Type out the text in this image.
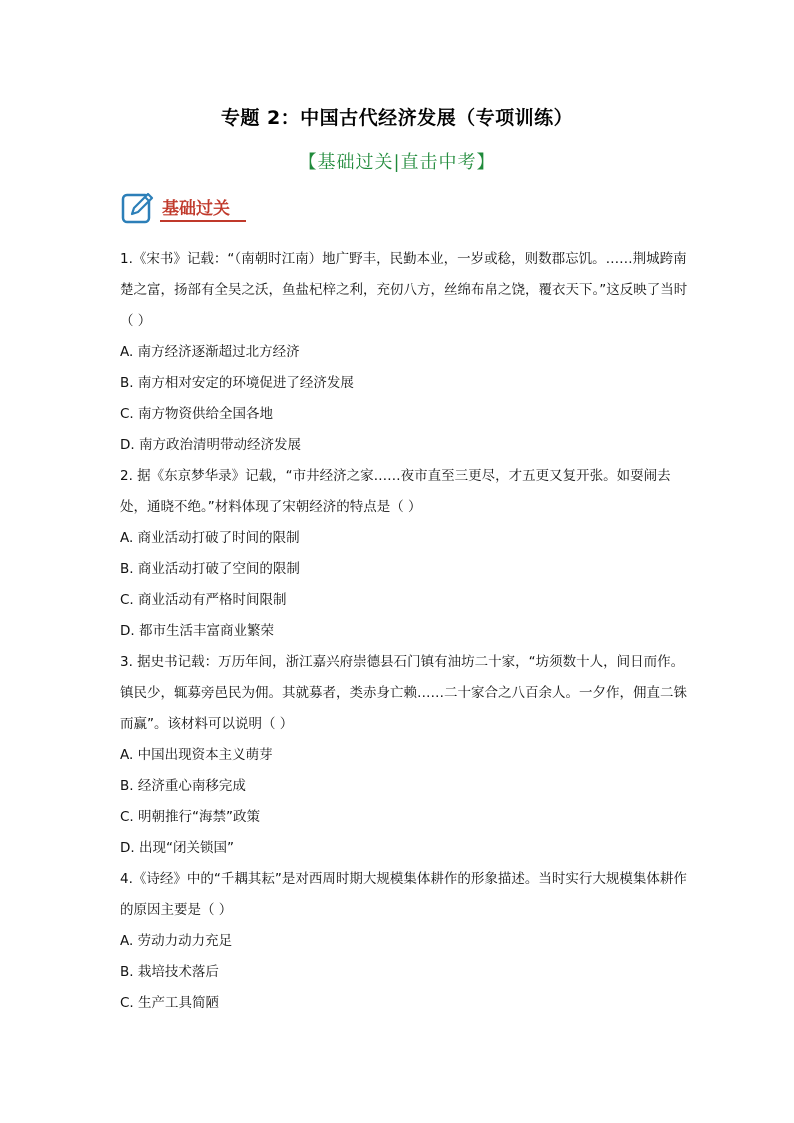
专题 2：中国古代经济发展（专项训练）
【基础过关|直击中考】
基础过关

1.《宋书》记载：“（南朝时江南）地广野丰，民勤本业，一岁或稔，则数郡忘饥。……荆城跨南楚之富，扬部有全吴之沃，鱼盐杞梓之利，充仞八方，丝绵布帛之饶，覆衣天下。”这反映了当时（ ）

A. 南方经济逐渐超过北方经济

B. 南方相对安定的环境促进了经济发展

C. 南方物资供给全国各地

D. 南方政治清明带动经济发展

2. 据《东京梦华录》记载，“市井经济之家……夜市直至三更尽，才五更又复开张。如耍闹去处，通晓不绝。”材料体现了宋朝经济的特点是（ ）

A. 商业活动打破了时间的限制

B. 商业活动打破了空间的限制

C. 商业活动有严格时间限制

D. 都市生活丰富商业繁荣

3. 据史书记载：万历年间，浙江嘉兴府崇德县石门镇有油坊二十家，“坊须数十人，间日而作。镇民少，辄募旁邑民为佣。其就募者，类赤身亡赖……二十家合之八百余人。一夕作，佣直二铢而赢”。该材料可以说明（ ）

A. 中国出现资本主义萌芽

B. 经济重心南移完成

C. 明朝推行“海禁”政策

D. 出现“闭关锁国”

4.《诗经》中的“千耦其耘”是对西周时期大规模集体耕作的形象描述。当时实行大规模集体耕作的原因主要是（ ）

A. 劳动力动力充足

B. 栽培技术落后

C. 生产工具简陋
